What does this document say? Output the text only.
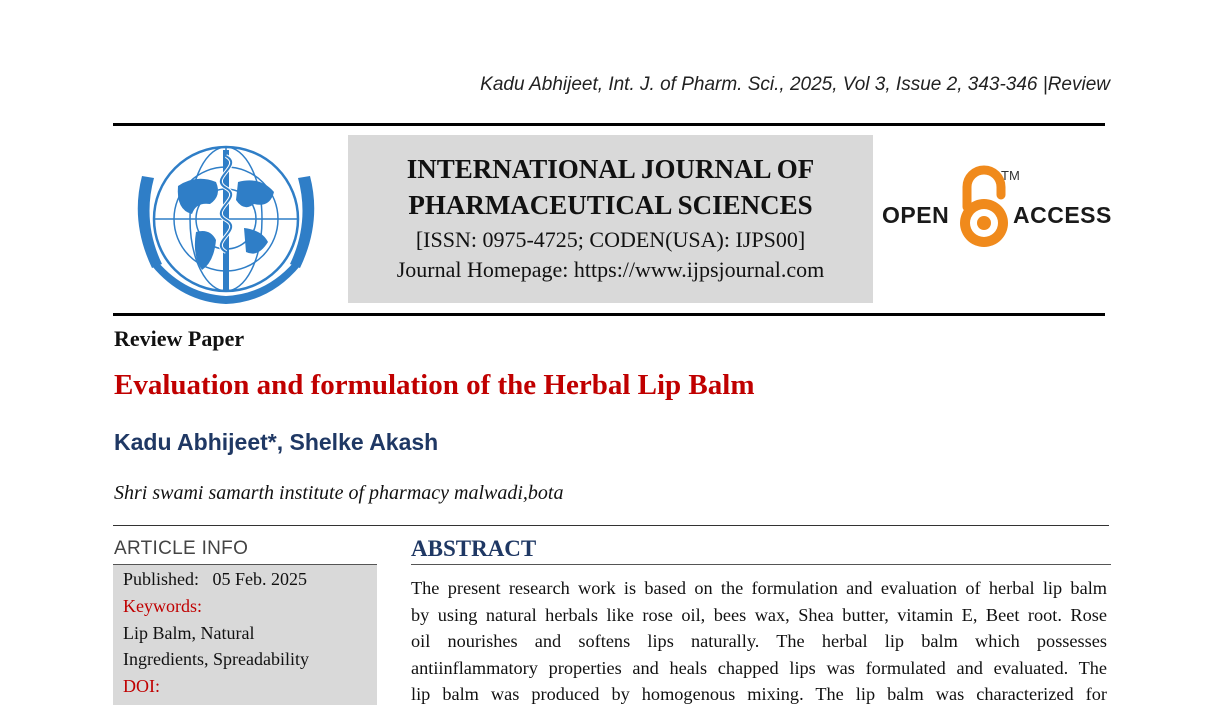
Kadu Abhijeet, Int. J. of Pharm. Sci., 2025, Vol 3, Issue 2, 343-346 |Review
INTERNATIONAL JOURNAL OF
PHARMACEUTICAL SCIENCES
[ISSN: 0975-4725; CODEN(USA): IJPS00]
Journal Homepage: https://www.ijpsjournal.com
OPEN
TM
ACCESS
Review Paper
Evaluation and formulation of the Herbal Lip Balm
Kadu Abhijeet*, Shelke Akash
Shri swami samarth institute of pharmacy malwadi,bota
ARTICLE INFO
Published: 05 Feb. 2025
Keywords:
Lip Balm, Natural
Ingredients, Spreadability
DOI:
ABSTRACT
The present research work is based on the formulation and evaluation of herbal lip balm
by using natural herbals like rose oil, bees wax, Shea butter, vitamin E, Beet root. Rose
oil nourishes and softens lips naturally. The herbal lip balm which possesses
antiinflammatory properties and heals chapped lips was formulated and evaluated. The
lip balm was produced by homogenous mixing. The lip balm was characterized for
